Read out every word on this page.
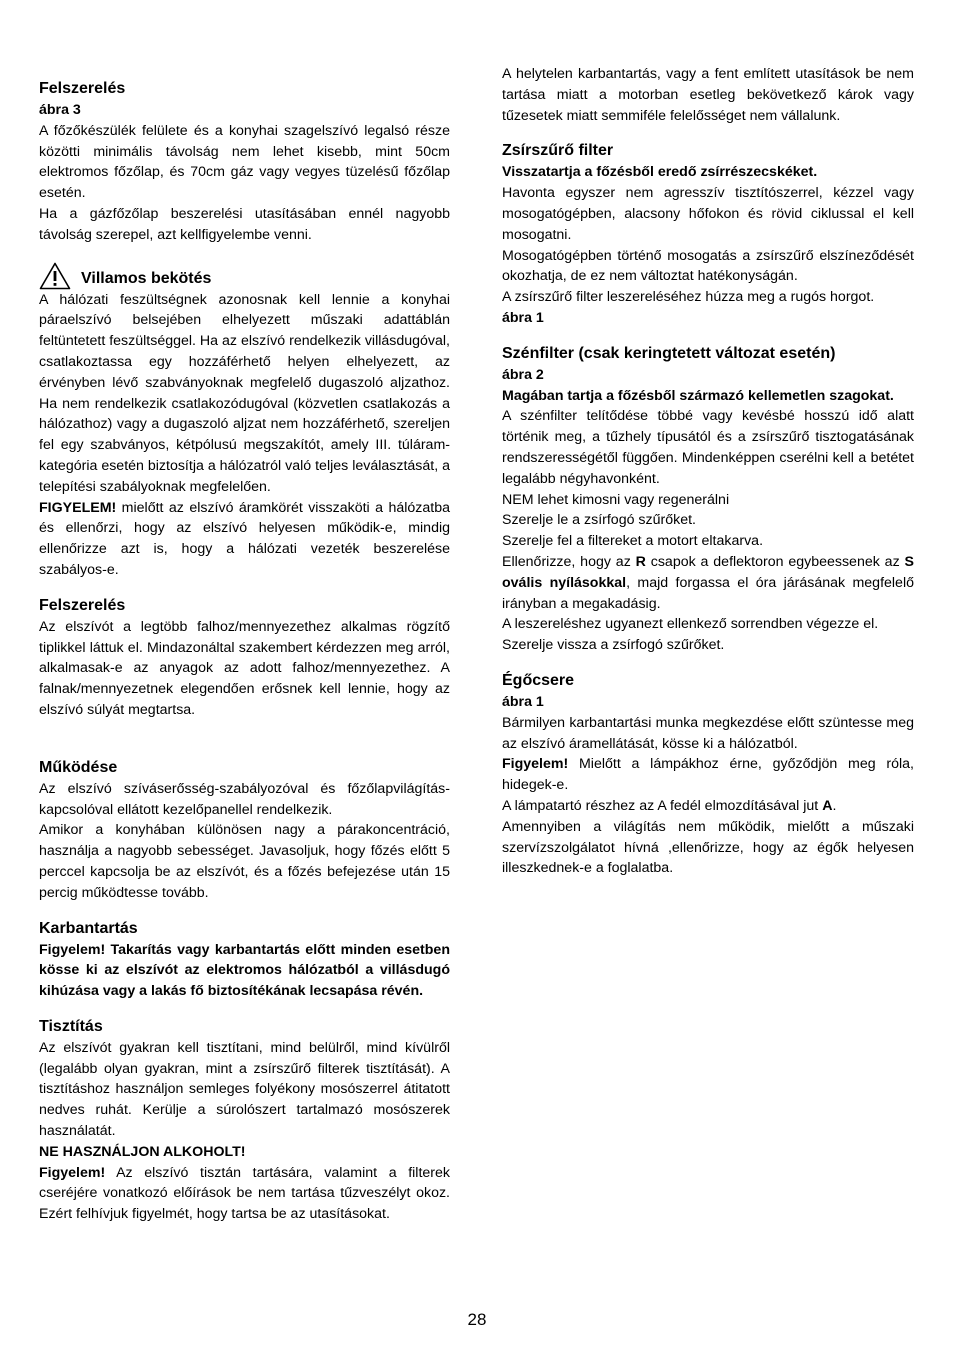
Felszerelés
ábra 3

A főzőkészülék felülete és a konyhai szagelszívó legalsó része közötti minimális távolság nem lehet kisebb, mint 50cm elektromos főzőlap, és 70cm gáz vagy vegyes tüzelésű főzőlap esetén.

Ha a gázfőzőlap beszerelési utasításában ennél nagyobb távolság szerepel, azt kellfigyelembe venni.

Villamos bekötés

A hálózati feszültségnek azonosnak kell lennie a konyhai páraelszívó belsejében elhelyezett műszaki adattáblán feltüntetett feszültséggel. Ha az elszívó rendelkezik villásdugóval, csatlakoztassa egy hozzáférhető helyen elhelyezett, az érvényben lévő szabványoknak megfelelő dugaszoló aljzathoz. Ha nem rendelkezik csatlakozódugóval (közvetlen csatlakozás a hálózathoz) vagy a dugaszoló aljzat nem hozzáférhető, szereljen fel egy szabványos, kétpólusú megszakítót, amely III. túláram-kategória esetén biztosítja a hálózatról való teljes leválasztását, a telepítési szabályoknak megfelelően.

FIGYELEM! mielőtt az elszívó áramkörét visszaköti a hálózatba és ellenőrzi, hogy az elszívó helyesen működik-e, mindig ellenőrizze azt is, hogy a hálózati vezeték beszerelése szabályos-e.

Felszerelés

Az elszívót a legtöbb falhoz/mennyezethez alkalmas rögzítő tiplikkel láttuk el. Mindazonáltal szakembert kérdezzen meg arról, alkalmasak-e az anyagok az adott falhoz/mennyezethez. A falnak/mennyezetnek elegendően erősnek kell lennie, hogy az elszívó súlyát megtartsa.

Működése

Az elszívó szíváserősség-szabályozóval és főzőlapvilágítás-kapcsolóval ellátott kezelőpanellel rendelkezik.

Amikor a konyhában különösen nagy a párakoncentráció, használja a nagyobb sebességet. Javasoljuk, hogy főzés előtt 5 perccel kapcsolja be az elszívót, és a főzés befejezése után 15 percig működtesse tovább.

Karbantartás

Figyelem! Takarítás vagy karbantartás előtt minden esetben kösse ki az elszívót az elektromos hálózatból a villásdugó kihúzása vagy a lakás fő biztosítékának lecsapása révén.

Tisztítás

Az elszívót gyakran kell tisztítani, mind belülről, mind kívülről (legalább olyan gyakran, mint a zsírszűrő filterek tisztítását). A tisztításhoz használjon semleges folyékony mosószerrel átitatott nedves ruhát. Kerülje a súrolószert tartalmazó mosószerek használatát.

NE HASZNÁLJON ALKOHOLT!

Figyelem! Az elszívó tisztán tartására, valamint a filterek cseréjére vonatkozó előírások be nem tartása tűzveszélyt okoz. Ezért felhívjuk figyelmét, hogy tartsa be az utasításokat.

A helytelen karbantartás, vagy a fent említett utasítások be nem tartása miatt a motorban esetleg bekövetkező károk vagy tűzesetek miatt semmiféle felelősséget nem vállalunk.

Zsírszűrő filter
Visszatartja a főzésből eredő zsírrészecskéket.

Havonta egyszer nem agresszív tisztítószerrel, kézzel vagy mosogatógépben, alacsony hőfokon és rövid ciklussal el kell mosogatni.

Mosogatógépben történő mosogatás a zsírszűrő elszíneződését okozhatja, de ez nem változtat hatékonyságán.

A zsírszűrő filter leszereléséhez húzza meg a rugós horgot.

ábra 1
Szénfilter (csak keringtetett változat esetén)
ábra 2
Magában tartja a főzésből származó kellemetlen szagokat.

A szénfilter telítődése többé vagy kevésbé hosszú idő alatt történik meg, a tűzhely típusától és a zsírszűrő tisztogatásának rendszerességétől függően. Mindenképpen cserélni kell a betétet legalább négyhavonként.

NEM lehet kimosni vagy regenerálni

Szerelje le a zsírfogó szűrőket.

Szerelje fel a filtereket a motort eltakarva.

Ellenőrizze, hogy az R csapok a deflektoron egybeessenek az S ovális nyílásokkal, majd forgassa el óra járásának megfelelő irányban a megakadásig.

A leszereléshez ugyanezt ellenkező sorrendben végezze el.

Szerelje vissza a zsírfogó szűrőket.

Égőcsere
ábra 1

Bármilyen karbantartási munka megkezdése előtt szüntesse meg az elszívó áramellátását, kösse ki a hálózatból.

Figyelem! Mielőtt a lámpákhoz érne, győződjön meg róla, hidegek-e.

A lámpatartó részhez az A fedél elmozdításával jut A.

Amennyiben a világítás nem működik, mielőtt a műszaki szervízszolgálatot hívná ,ellenőrizze, hogy az égők helyesen illeszkednek-e a foglalatba.

28
